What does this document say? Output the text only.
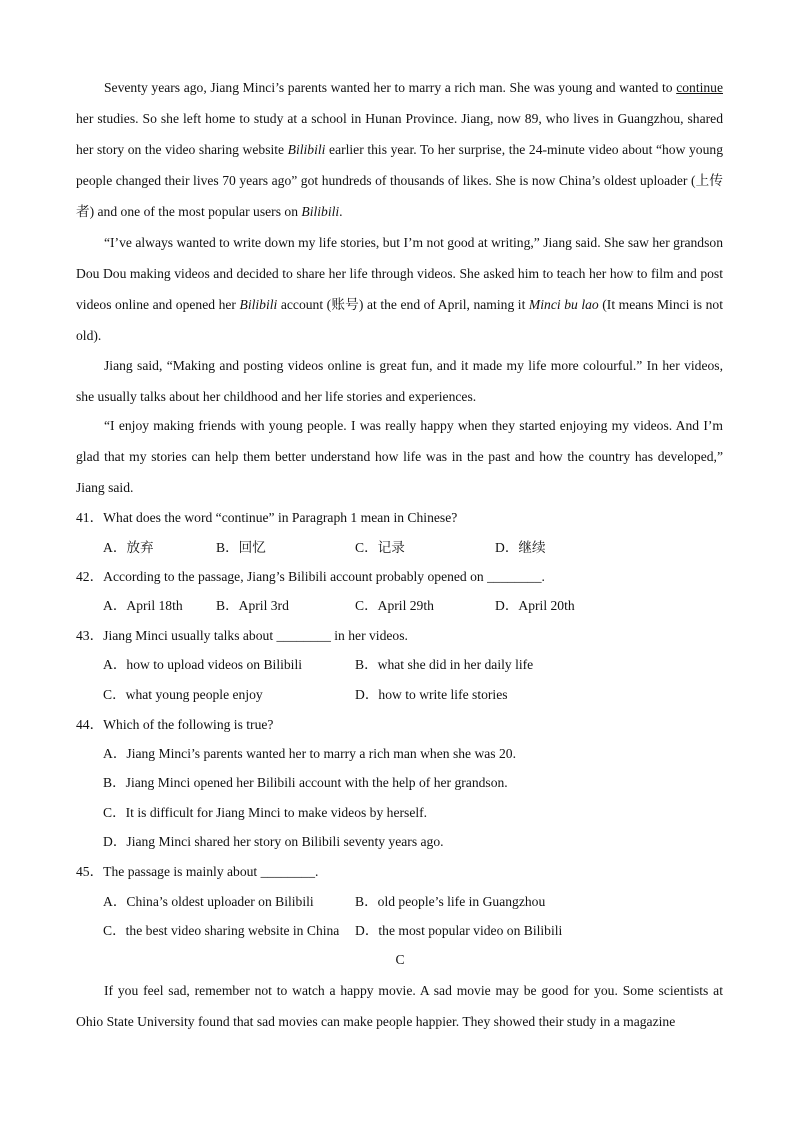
Seventy years ago, Jiang Minci’s parents wanted her to marry a rich man. She was young and wanted to continue her studies. So she left home to study at a school in Hunan Province. Jiang, now 89, who lives in Guangzhou, shared her story on the video sharing website Bilibili earlier this year. To her surprise, the 24-minute video about “how young people changed their lives 70 years ago” got hundreds of thousands of likes. She is now China’s oldest uploader (上传者) and one of the most popular users on Bilibili.

“I’ve always wanted to write down my life stories, but I’m not good at writing,” Jiang said. She saw her grandson Dou Dou making videos and decided to share her life through videos. She asked him to teach her how to film and post videos online and opened her Bilibili account (账号) at the end of April, naming it Minci bu lao (It means Minci is not old).

Jiang said, “Making and posting videos online is great fun, and it made my life more colourful.” In her videos, she usually talks about her childhood and her life stories and experiences.

“I enjoy making friends with young people. I was really happy when they started enjoying my videos. And I’m glad that my stories can help them better understand how life was in the past and how the country has developed,” Jiang said.

41．What does the word “continue” in Paragraph 1 mean in Chinese?
A．放弃	B．回忆	C．记录	D．继续
42．According to the passage, Jiang’s Bilibili account probably opened on ________.
A．April 18th B．April 3rd	C．April 29th	D．April 20th
43．Jiang Minci usually talks about ________ in her videos.
A．how to upload videos on Bilibili	B．what she did in her daily life
C．what young people enjoy	D．how to write life stories
44．Which of the following is true?
A．Jiang Minci’s parents wanted her to marry a rich man when she was 20.
B．Jiang Minci opened her Bilibili account with the help of her grandson.
C．It is difficult for Jiang Minci to make videos by herself.
D．Jiang Minci shared her story on Bilibili seventy years ago.
45．The passage is mainly about ________.
A．China’s oldest uploader on Bilibili	B．old people’s life in Guangzhou
C．the best video sharing website in China D．the most popular video on Bilibili
C

If you feel sad, remember not to watch a happy movie. A sad movie may be good for you. Some scientists at Ohio State University found that sad movies can make people happier. They showed their study in a magazine
